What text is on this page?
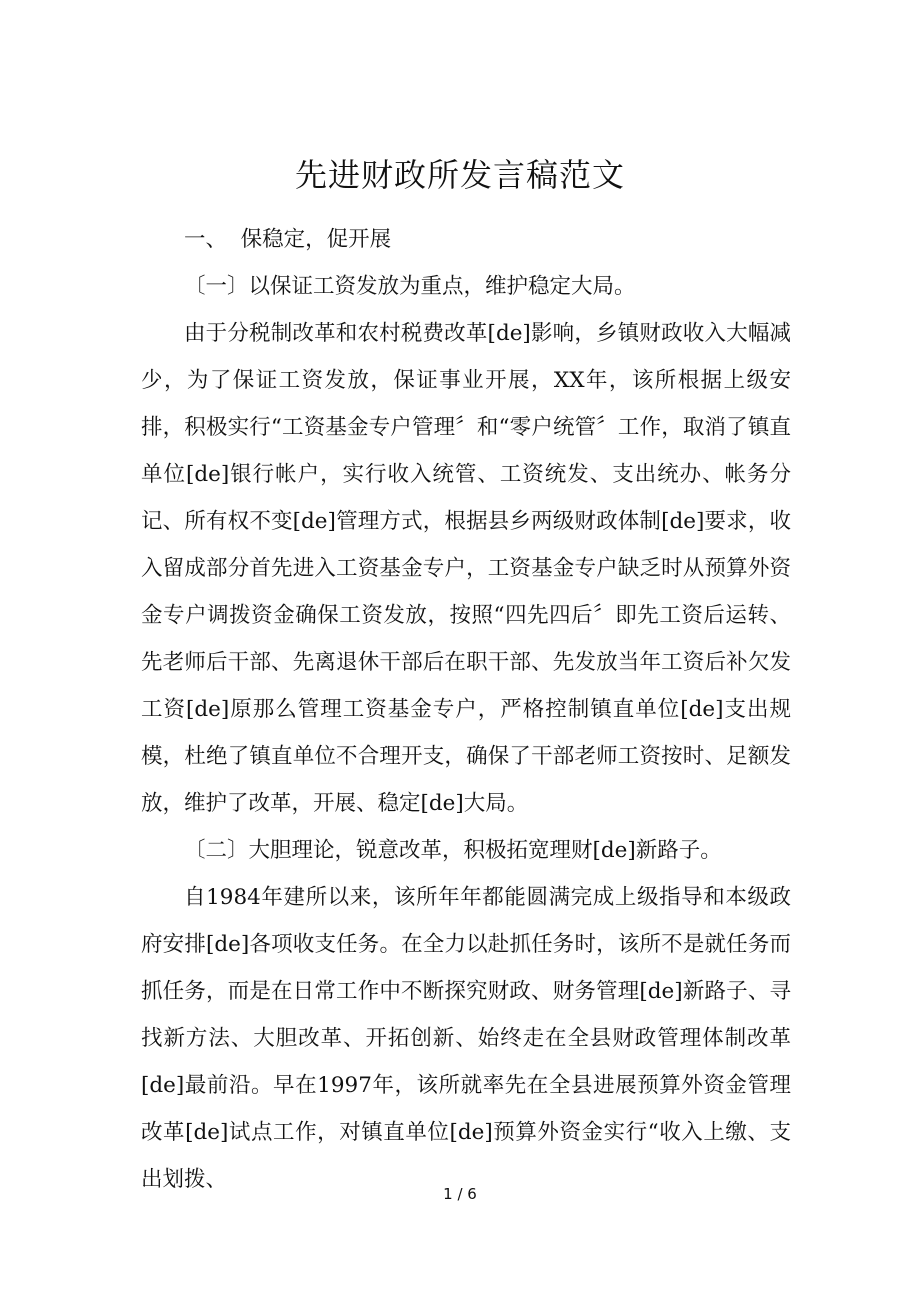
先进财政所发言稿范文

一、  保稳定，促开展

〔一〕以保证工资发放为重点，维护稳定大局。

由于分税制改革和农村税费改革[de]影响，乡镇财政收入大幅减少，为了保证工资发放，保证事业开展，XX年，该所根据上级安排，积极实行“工资基金专户管理〞和“零户统管〞工作，取消了镇直单位[de]银行帐户，实行收入统管、工资统发、支出统办、帐务分记、所有权不变[de]管理方式，根据县乡两级财政体制[de]要求，收入留成部分首先进入工资基金专户，工资基金专户缺乏时从预算外资金专户调拨资金确保工资发放，按照“四先四后〞即先工资后运转、先老师后干部、先离退休干部后在职干部、先发放当年工资后补欠发工资[de]原那么管理工资基金专户，严格控制镇直单位[de]支出规模，杜绝了镇直单位不合理开支，确保了干部老师工资按时、足额发放，维护了改革，开展、稳定[de]大局。

〔二〕大胆理论，锐意改革，积极拓宽理财[de]新路子。

自1984年建所以来，该所年年都能圆满完成上级指导和本级政府安排[de]各项收支任务。在全力以赴抓任务时，该所不是就任务而抓任务，而是在日常工作中不断探究财政、财务管理[de]新路子、寻找新方法、大胆改革、开拓创新、始终走在全县财政管理体制改革[de]最前沿。早在1997年，该所就率先在全县进展预算外资金管理改革[de]试点工作，对镇直单位[de]预算外资金实行“收入上缴、支出划拨、

1 / 6
